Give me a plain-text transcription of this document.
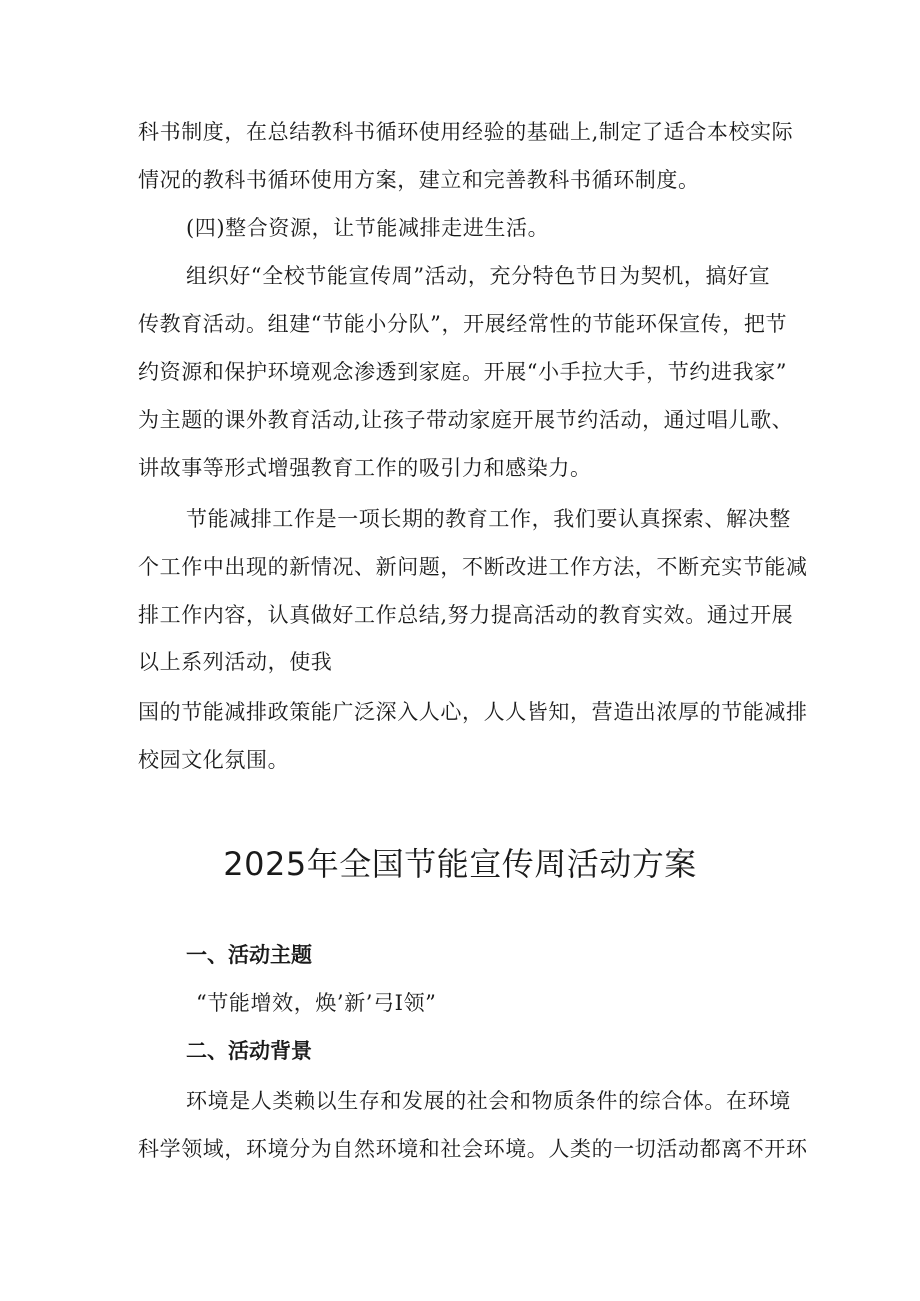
科书制度，在总结教科书循环使用经验的基础上,制定了适合本校实际
情况的教科书循环使用方案，建立和完善教科书循环制度。
(四)整合资源，让节能减排走进生活。
组织好“全校节能宣传周”活动，充分特色节日为契机，搞好宣
传教育活动。组建“节能小分队”，开展经常性的节能环保宣传，把节
约资源和保护环境观念渗透到家庭。开展“小手拉大手，节约进我家”
为主题的课外教育活动,让孩子带动家庭开展节约活动，通过唱儿歌、
讲故事等形式增强教育工作的吸引力和感染力。
节能减排工作是一项长期的教育工作，我们要认真探索、解决整
个工作中出现的新情况、新问题，不断改进工作方法，不断充实节能减
排工作内容，认真做好工作总结,努力提高活动的教育实效。通过开展
以上系列活动，使我
国的节能减排政策能广泛深入人心，人人皆知，营造出浓厚的节能减排
校园文化氛围。
2025年全国节能宣传周活动方案
一、活动主题
“节能增效，焕’新’弓I领”
二、活动背景
环境是人类赖以生存和发展的社会和物质条件的综合体。在环境
科学领域，环境分为自然环境和社会环境。人类的一切活动都离不开环
